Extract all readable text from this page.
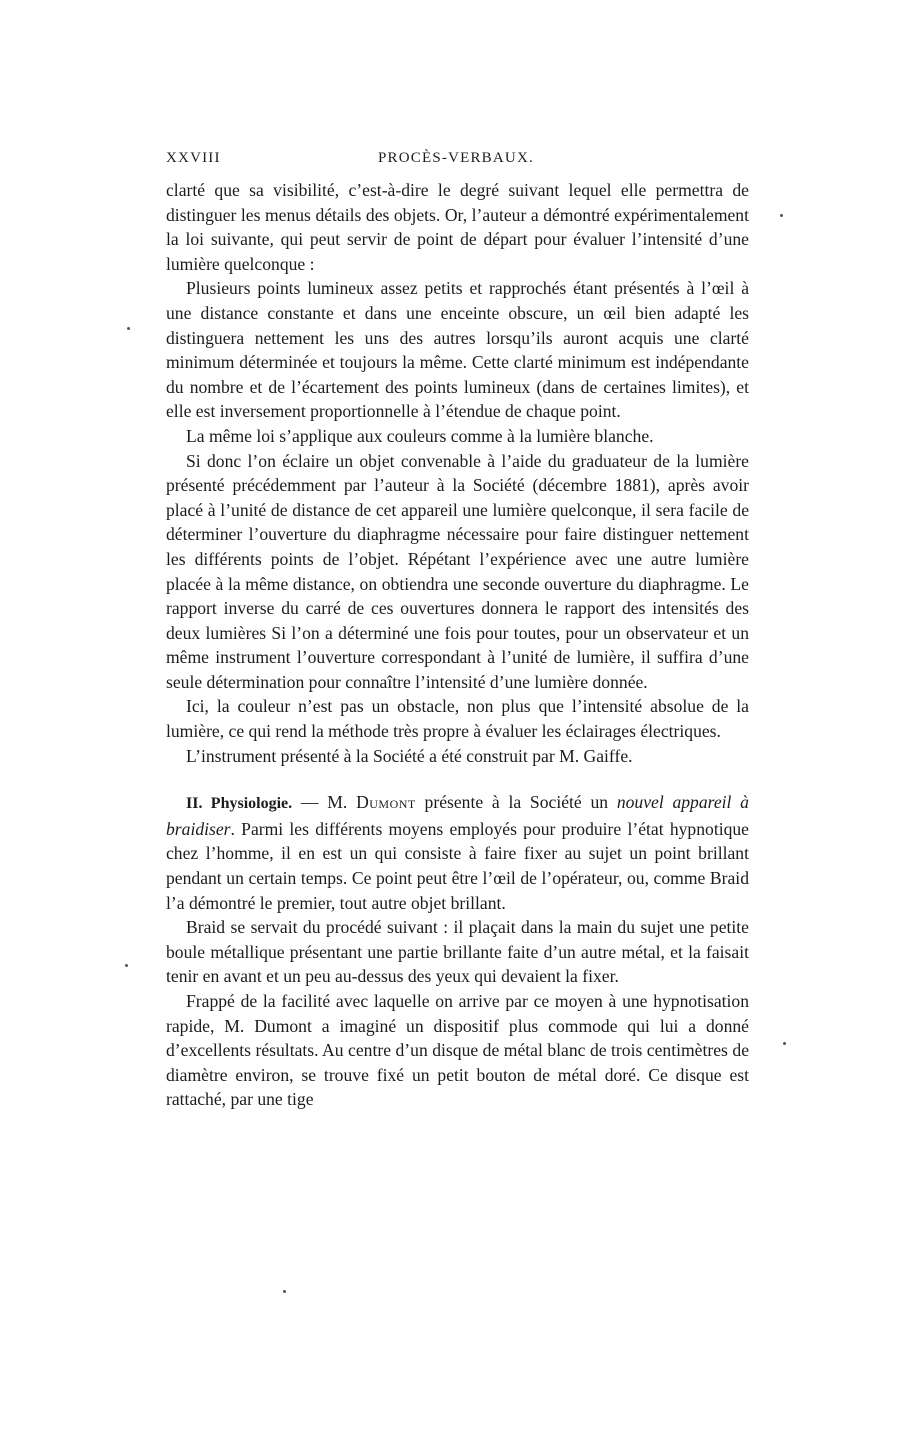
XXVIII	PROCÈS-VERBAUX.

clarté que sa visibilité, c’est-à-dire le degré suivant lequel elle permettra de distinguer les menus détails des objets. Or, l’auteur a démontré expérimentalement la loi suivante, qui peut servir de point de départ pour évaluer l’intensité d’une lumière quelconque :

Plusieurs points lumineux assez petits et rapprochés étant présentés à l’œil à une distance constante et dans une enceinte obscure, un œil bien adapté les distinguera nettement les uns des autres lorsqu’ils auront acquis une clarté minimum déterminée et toujours la même. Cette clarté minimum est indépendante du nombre et de l’écartement des points lumineux (dans de certaines limites), et elle est inversement proportionnelle à l’étendue de chaque point.

La même loi s’applique aux couleurs comme à la lumière blanche.

Si donc l’on éclaire un objet convenable à l’aide du graduateur de la lumière présenté précédemment par l’auteur à la Société (décembre 1881), après avoir placé à l’unité de distance de cet appareil une lumière quelconque, il sera facile de déterminer l’ouverture du diaphragme nécessaire pour faire distinguer nettement les différents points de l’objet. Répétant l’expérience avec une autre lumière placée à la même distance, on obtiendra une seconde ouverture du diaphragme. Le rapport inverse du carré de ces ouvertures donnera le rapport des intensités des deux lumières Si l’on a déterminé une fois pour toutes, pour un observateur et un même instrument l’ouverture correspondant à l’unité de lumière, il suffira d’une seule détermination pour connaître l’intensité d’une lumière donnée.

Ici, la couleur n’est pas un obstacle, non plus que l’intensité absolue de la lumière, ce qui rend la méthode très propre à évaluer les éclairages électriques.

L’instrument présenté à la Société a été construit par M. Gaiffe.

II. Physiologie. — M. Dumont présente à la Société un nouvel appareil à braidiser. Parmi les différents moyens employés pour produire l’état hypnotique chez l’homme, il en est un qui consiste à faire fixer au sujet un point brillant pendant un certain temps. Ce point peut être l’œil de l’opérateur, ou, comme Braid l’a démontré le premier, tout autre objet brillant.

Braid se servait du procédé suivant : il plaçait dans la main du sujet une petite boule métallique présentant une partie brillante faite d’un autre métal, et la faisait tenir en avant et un peu au-dessus des yeux qui devaient la fixer.

Frappé de la facilité avec laquelle on arrive par ce moyen à une hypnotisation rapide, M. Dumont a imaginé un dispositif plus commode qui lui a donné d’excellents résultats. Au centre d’un disque de métal blanc de trois centimètres de diamètre environ, se trouve fixé un petit bouton de métal doré. Ce disque est rattaché, par une tige
